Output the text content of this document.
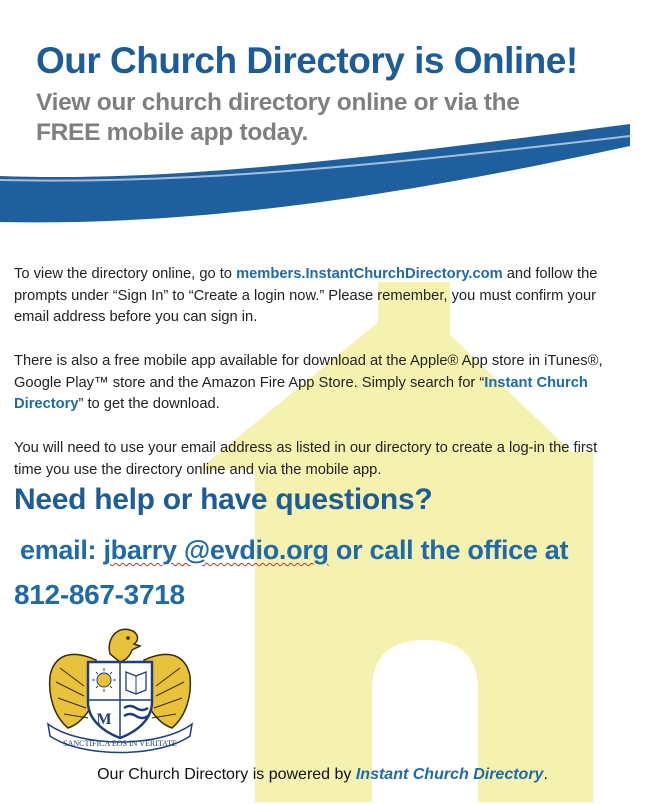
Our Church Directory is Online!
View our church directory online or via the
FREE mobile app today.
To view the directory online, go to members.InstantChurchDirectory.com and follow the prompts under “Sign In” to “Create a login now.” Please remember, you must confirm your email address before you can sign in.
There is also a free mobile app available for download at the Apple® App store in iTunes®, Google Play™ store and the Amazon Fire App Store. Simply search for “Instant Church Directory” to get the download.
You will need to use your email address as listed in our directory to create a log-in the first time you use the directory online and via the mobile app.
Need help or have questions?
email: jbarry @evdio.org or call the office at
812-867-3718
SANCTIFICA EOS IN VERITATE
M
Our Church Directory is powered by Instant Church Directory.
